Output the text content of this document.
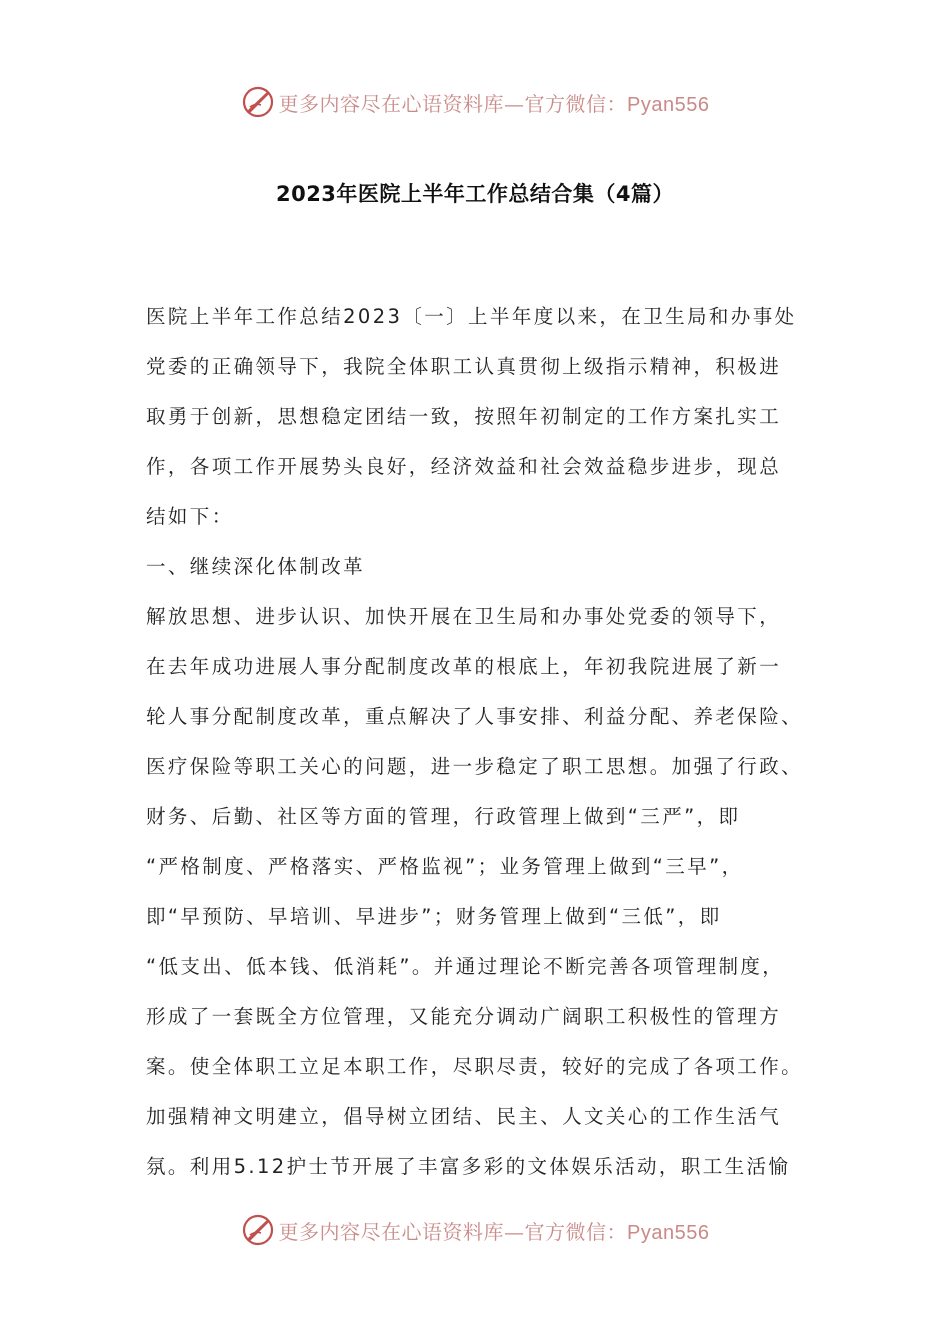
更多内容尽在心语资料库—官方微信：Pyan556
2023年医院上半年工作总结合集（4篇）
医院上半年工作总结2023〔一〕上半年度以来，在卫生局和办事处
党委的正确领导下，我院全体职工认真贯彻上级指示精神，积极进
取勇于创新，思想稳定团结一致，按照年初制定的工作方案扎实工
作，各项工作开展势头良好，经济效益和社会效益稳步进步，现总
结如下：
一、继续深化体制改革
解放思想、进步认识、加快开展在卫生局和办事处党委的领导下，
在去年成功进展人事分配制度改革的根底上，年初我院进展了新一
轮人事分配制度改革，重点解决了人事安排、利益分配、养老保险、
医疗保险等职工关心的问题，进一步稳定了职工思想。加强了行政、
财务、后勤、社区等方面的管理，行政管理上做到“三严”，即
“严格制度、严格落实、严格监视”；业务管理上做到“三早”，
即“早预防、早培训、早进步”；财务管理上做到“三低”，即
“低支出、低本钱、低消耗”。并通过理论不断完善各项管理制度，
形成了一套既全方位管理，又能充分调动广阔职工积极性的管理方
案。使全体职工立足本职工作，尽职尽责，较好的完成了各项工作。
加强精神文明建立，倡导树立团结、民主、人文关心的工作生活气
氛。利用5.12护士节开展了丰富多彩的文体娱乐活动，职工生活愉
更多内容尽在心语资料库—官方微信：Pyan556
